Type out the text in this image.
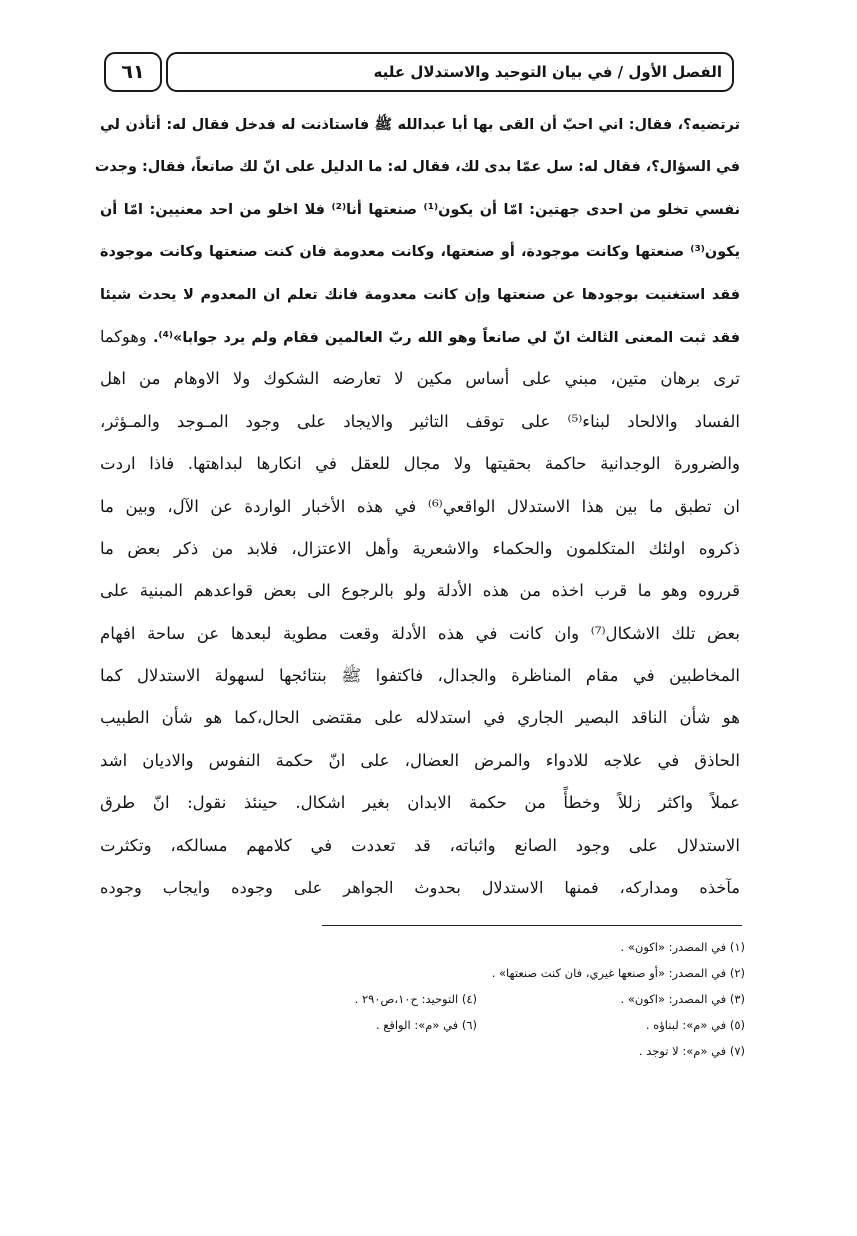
٦١	الفصل الأول / في بيان التوحيد والاستدلال عليه
ترتضيه؟، فقال: اني احبّ أن القى بها أبا عبدالله ﷺ فاستاذنت له فدخل فقال له: أتأذن لي
في السؤال؟، فقال له: سل عمّا بدى لك، فقال له: ما الدليل على انّ لك صانعاً، فقال: وجدت
نفسي تخلو من احدى جهتين: امّا أن يكون⁽¹⁾ صنعتها أنا⁽²⁾ فلا اخلو من احد معنيين: امّا أن
يكون⁽³⁾ صنعتها وكانت موجودة، أو صنعتها، وكانت معدومة فان كنت صنعتها وكانت موجودة
فقد استغنيت بوجودها عن صنعتها وإن كانت معدومة فانك تعلم ان المعدوم لا يحدث شيئا
فقد ثبت المعنى الثالث انّ لي صانعاً وهو الله ربّ العالمين فقام ولم يرد جوابا»⁽⁴⁾. وهوكما
ترى برهان متين، مبني على أساس مكين لا تعارضه الشكوك ولا الاوهام من اهل
الفساد والالحاد لبناء⁽⁵⁾ على توقف التاثير والايجاد على وجود المـوجد والمـؤثر،
والضرورة الوجدانية حاكمة بحقيتها ولا مجال للعقل في انكارها لبداهتها. فاذا اردت
ان تطبق ما بين هذا الاستدلال الواقعي⁽⁶⁾ في هذه الأخبار الواردة عن الآل، وبين ما
ذكروه اولئك المتكلمون والحكماء والاشعرية وأهل الاعتزال، فلابد من ذكر بعض ما
قرروه وهو ما قرب اخذه من هذه الأدلة ولو بالرجوع الى بعض قواعدهم المبنية على
بعض تلك الاشكال⁽⁷⁾ وان كانت في هذه الأدلة وقعت مطوية لبعدها عن ساحة افهام
المخاطبين في مقام المناظرة والجدال، فاكتفوا ﷺ بنتائجها لسهولة الاستدلال كما
هو شأن الناقد البصير الجاري في استدلاله على مقتضى الحال،كما هو شأن الطبيب
الحاذق في علاجه للادواء والمرض العضال، على انّ حكمة النفوس والاديان اشد
عملاً واكثر زللاً وخطأً من حكمة الابدان بغير اشكال. حينئذ نقول: انّ طرق
الاستدلال على وجود الصانع واثباته، قد تعددت في كلامهم مسالكه، وتكثرت
مآخذه ومداركه، فمنها الاستدلال بحدوث الجواهر على وجوده وايجاب وجوده
(١) في المصدر: «اكون» .
(٢) في المصدر: «أو صنعها غيري، فان كنت صنعتها» .
(٣) في المصدر: «اكون» .(٤) التوحيد: ح١٠،ص٢٩٠ .
(٥) في «م»: لبناؤه .(٦) في «م»: الواقع .
(٧) في «م»: لا توجد .
